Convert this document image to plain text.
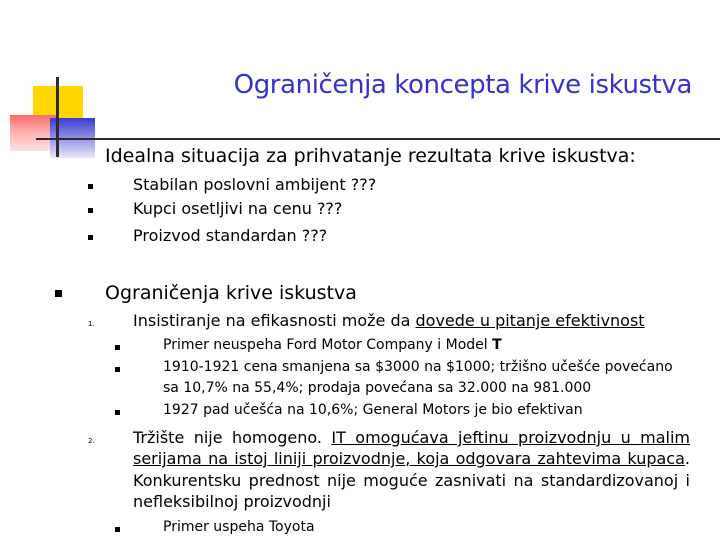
Ograničenja koncepta krive iskustva
Idealna situacija za prihvatanje rezultata krive iskustva:
Stabilan poslovni ambijent ???
Kupci osetljivi na cenu ???
Proizvod standardan ???
Ograničenja krive iskustva
1. Insistiranje na efikasnosti može da dovede u pitanje efektivnost
Primer neuspeha Ford Motor Company i Model T
1910-1921 cena smanjena sa $3000 na $1000; tržišno učešće povećano
sa 10,7% na 55,4%; prodaja povećana sa 32.000 na 981.000
1927 pad učešća na 10,6%; General Motors je bio efektivan
2. Tržište nije homogeno. IT omogućava jeftinu proizvodnju u malim
serijama na istoj liniji proizvodnje, koja odgovara zahtevima kupaca.
Konkurentsku prednost nije moguće zasnivati na standardizovanoj i
nefleksibilnoj proizvodnji
Primer uspeha Toyota
